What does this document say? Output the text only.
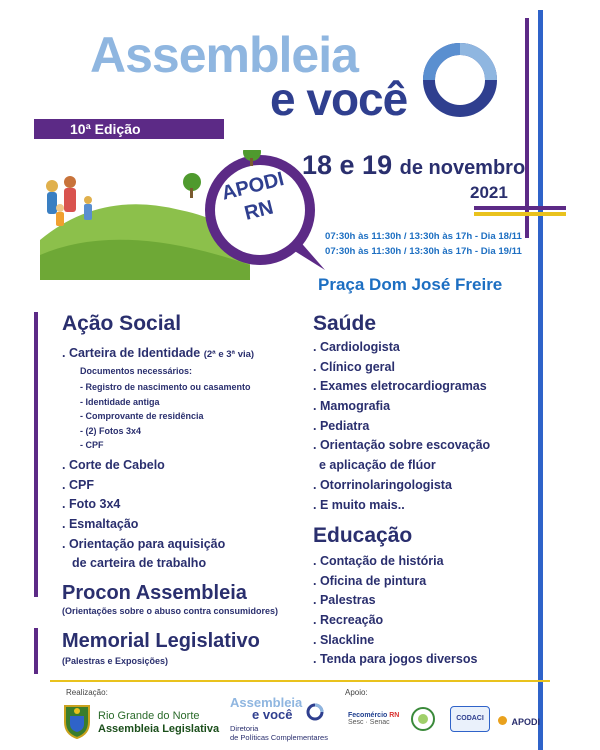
Assembleia
e você
10ª Edição
APODI
RN
18 e 19 de novembro
2021
07:30h às 11:30h / 13:30h às 17h - Dia 18/11
07:30h às 11:30h / 13:30h às 17h - Dia 19/11
Praça Dom José Freire
Ação Social
. Carteira de Identidade (2ª e 3ª via)
Documentos necessários:
- Registro de nascimento ou casamento
- Identidade antiga
- Comprovante de residência
- (2) Fotos 3x4
- CPF
. Corte de Cabelo
. CPF
. Foto 3x4
. Esmaltação
. Orientação para aquisição
de carteira de trabalho
Procon Assembleia
(Orientações sobre o abuso contra consumidores)
Memorial Legislativo
(Palestras e Exposições)
Saúde
. Cardiologista
. Clínico geral
. Exames eletrocardiogramas
. Mamografia
. Pediatra
. Orientação sobre escovação
e aplicação de flúor
. Otorrinolaringologista
. E muito mais..
Educação
. Contação de história
. Oficina de pintura
. Palestras
. Recreação
. Slackline
. Tenda para jogos diversos
Realização:
Rio Grande do Norte
Assembleia Legislativa
Assembleia
e você
Diretoria
de Políticas Complementares
Apoio:
Fecomércio RN
Sesc · Senac
CODACI	APODI
